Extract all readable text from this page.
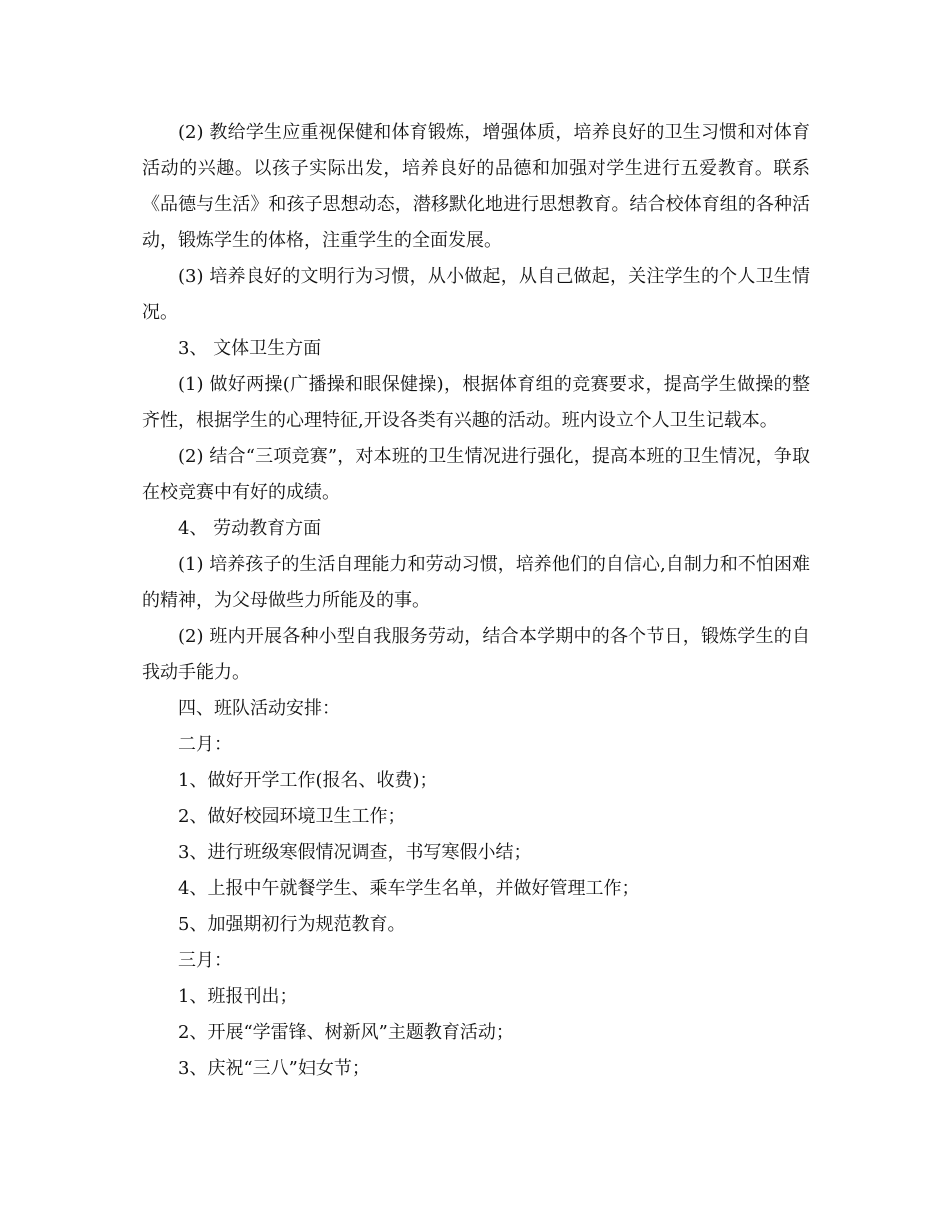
(2) 教给学生应重视保健和体育锻炼，增强体质，培养良好的卫生习惯和对体育活动的兴趣。以孩子实际出发，培养良好的品德和加强对学生进行五爱教育。联系《品德与生活》和孩子思想动态，潜移默化地进行思想教育。结合校体育组的各种活动，锻炼学生的体格，注重学生的全面发展。

(3) 培养良好的文明行为习惯，从小做起，从自己做起，关注学生的个人卫生情况。

3、 文体卫生方面

(1) 做好两操(广播操和眼保健操)，根据体育组的竞赛要求，提高学生做操的整齐性，根据学生的心理特征,开设各类有兴趣的活动。班内设立个人卫生记载本。

(2) 结合“三项竞赛”，对本班的卫生情况进行强化，提高本班的卫生情况，争取在校竞赛中有好的成绩。

4、 劳动教育方面

(1) 培养孩子的生活自理能力和劳动习惯，培养他们的自信心,自制力和不怕困难的精神，为父母做些力所能及的事。

(2) 班内开展各种小型自我服务劳动，结合本学期中的各个节日，锻炼学生的自我动手能力。

四、班队活动安排：

二月：

1、做好开学工作(报名、收费)；

2、做好校园环境卫生工作；

3、进行班级寒假情况调查，书写寒假小结；

4、上报中午就餐学生、乘车学生名单，并做好管理工作；

5、加强期初行为规范教育。

三月：

1、班报刊出；

2、开展“学雷锋、树新风”主题教育活动；

3、庆祝“三八”妇女节；
